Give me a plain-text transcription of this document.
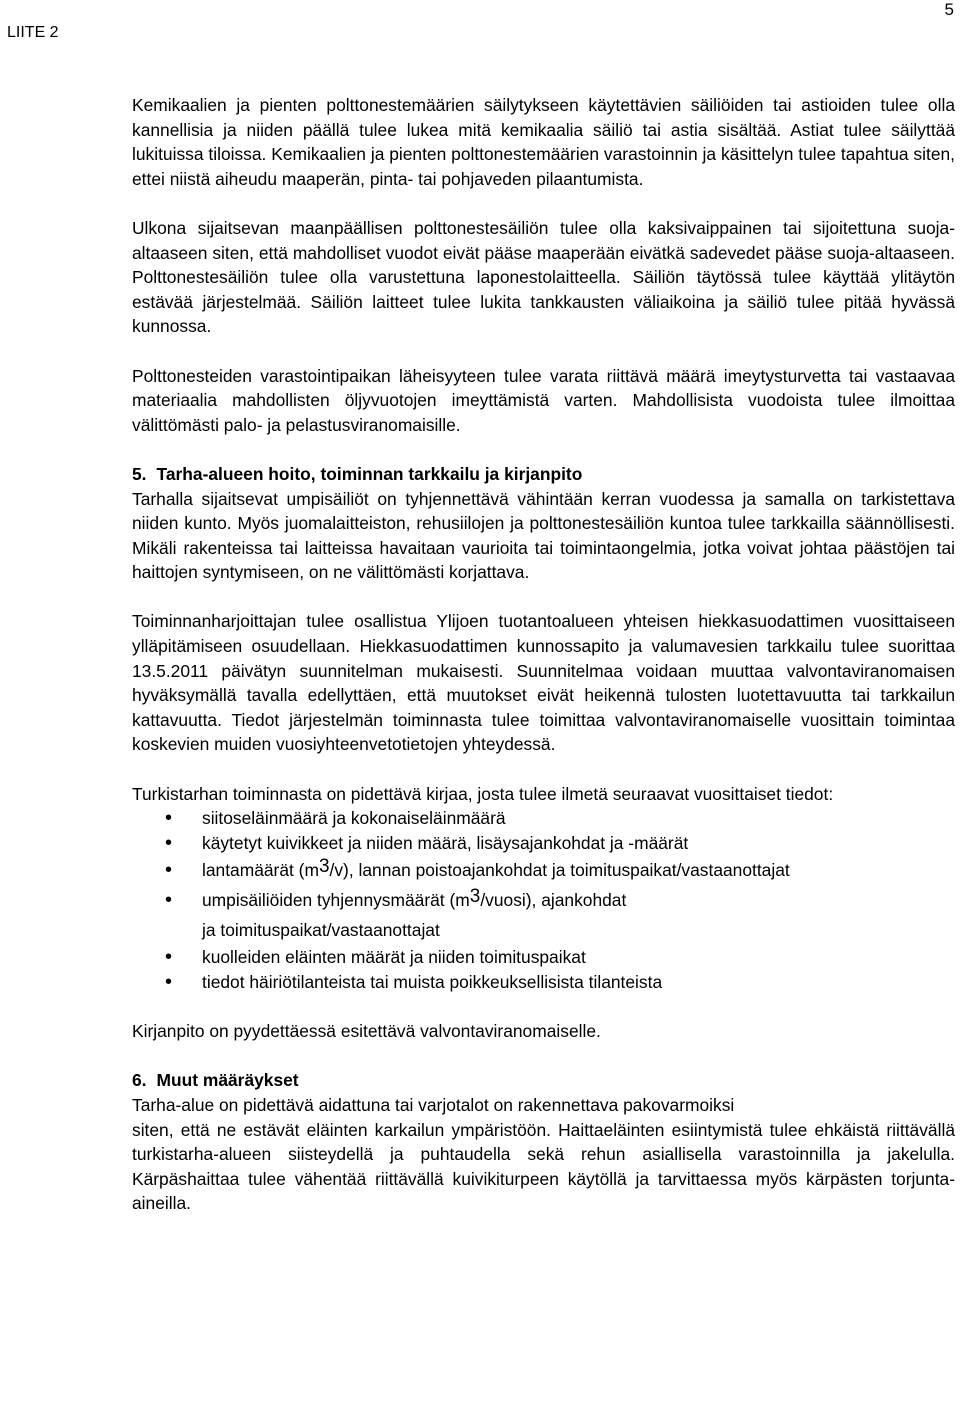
LIITE 2
5

Kemikaalien ja pienten polttonestemäärien säilytykseen käytettävien säiliöiden tai astioiden tulee olla kannellisia ja niiden päällä tulee lukea mitä kemikaalia säiliö tai astia sisältää. Astiat tulee säilyttää lukituissa tiloissa. Kemikaalien ja pienten polttonestemäärien varastoinnin ja käsittelyn tulee tapahtua siten, ettei niistä aiheudu maaperän, pinta- tai pohjaveden pilaantumista.

Ulkona sijaitsevan maanpäällisen polttonestesäiliön tulee olla kaksivaippainen tai sijoitettuna suoja-altaaseen siten, että mahdolliset vuodot eivät pääse maaperään eivätkä sadevedet pääse suoja-altaaseen. Polttonestesäiliön tulee olla varustettuna laponestolaitteella. Säiliön täytössä tulee käyttää ylitäytön estävää järjestelmää. Säiliön laitteet tulee lukita tankkausten väliaikoina ja säiliö tulee pitää hyvässä kunnossa.

Polttonesteiden varastointipaikan läheisyyteen tulee varata riittävä määrä imeytysturvetta tai vastaavaa materiaalia mahdollisten öljyvuotojen imeyttämistä varten. Mahdollisista vuodoista tulee ilmoittaa välittömästi palo- ja pelastusviranomaisille.

5. Tarha-alueen hoito, toiminnan tarkkailu ja kirjanpito

Tarhalla sijaitsevat umpisäiliöt on tyhjennettävä vähintään kerran vuodessa ja samalla on tarkistettava niiden kunto. Myös juomalaitteiston, rehusiilojen ja polttonestesäiliön kuntoa tulee tarkkailla säännöllisesti. Mikäli rakenteissa tai laitteissa havaitaan vaurioita tai toimintaongelmia, jotka voivat johtaa päästöjen tai haittojen syntymiseen, on ne välittömästi korjattava.

Toiminnanharjoittajan tulee osallistua Ylijoen tuotantoalueen yhteisen hiekkasuodattimen vuosittaiseen ylläpitämiseen osuudellaan. Hiekkasuodattimen kunnossapito ja valumavesien tarkkailu tulee suorittaa 13.5.2011 päivätyn suunnitelman mukaisesti. Suunnitelmaa voidaan muuttaa valvontaviranomaisen hyväksymällä tavalla edellyttäen, että muutokset eivät heikennä tulosten luotettavuutta tai tarkkailun kattavuutta. Tiedot järjestelmän toiminnasta tulee toimittaa valvontaviranomaiselle vuosittain toimintaa koskevien muiden vuosiyhteenvetotietojen yhteydessä.

Turkistarhan toiminnasta on pidettävä kirjaa, josta tulee ilmetä seuraavat vuosittaiset tiedot:

• siitoseläinmäärä ja kokonaiseläinmäärä
• käytetyt kuivikkeet ja niiden määrä, lisäysajankohdat ja -määrät
• lantamäärät $(m^3/v)$, lannan poistoajankohdat ja toimituspaikat/vastaanottajat
• umpisäiliöiden tyhjennysmäärät $(m^3/vuosi)$, ajankohdat
ja toimituspaikat/vastaanottajat
• kuolleiden eläinten määrät ja niiden toimituspaikat
• tiedot häiriötilanteista tai muista poikkeuksellisista tilanteista

Kirjanpito on pyydettäessä esitettävä valvontaviranomaiselle.

6. Muut määräykset

Tarha-alue on pidettävä aidattuna tai varjotalot on rakennettava pakovarmoiksi

siten, että ne estävät eläinten karkailun ympäristöön. Haittaeläinten esiintymistä tulee ehkäistä riittävällä turkistarha-alueen siisteydellä ja puhtaudella sekä rehun asiallisella varastoinnilla ja jakelulla. Kärpäshaittaa tulee vähentää riittävällä kuivikiturpeen käytöllä ja tarvittaessa myös kärpästen torjunta-aineilla.
